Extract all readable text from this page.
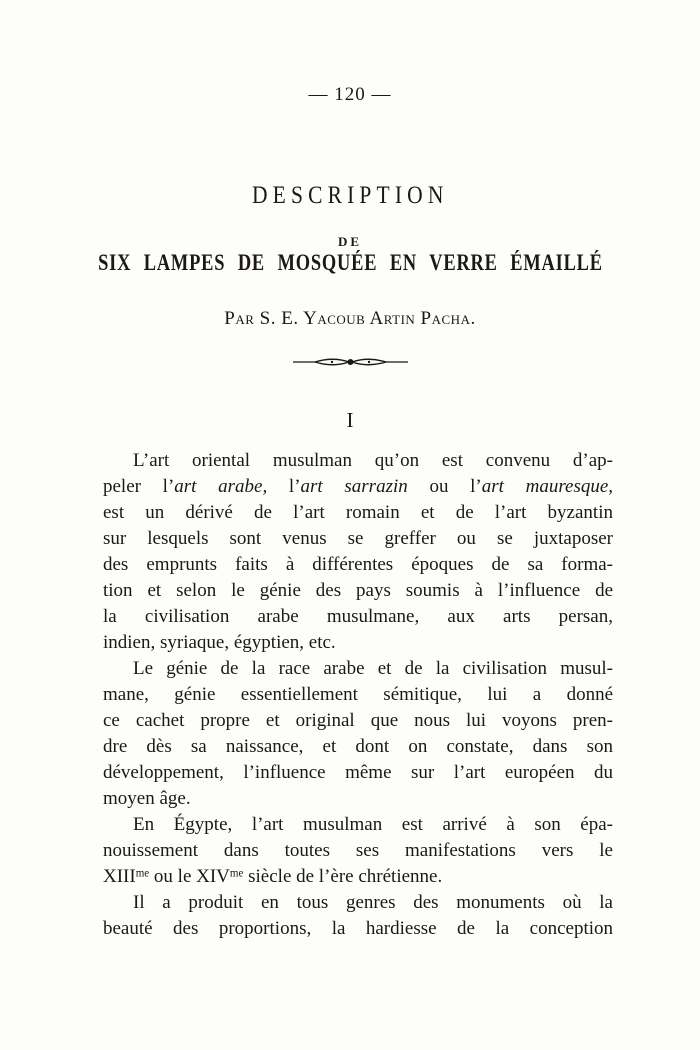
— 120 —
DESCRIPTION
DE
SIX LAMPES DE MOSQUÉE EN VERRE ÉMAILLÉ
Par S. E. Yacoub Artin Pacha.
I
L’art oriental musulman qu’on est convenu d’ap-
peler l’art arabe, l’art sarrazin ou l’art mauresque,
est un dérivé de l’art romain et de l’art byzantin
sur lesquels sont venus se greffer ou se juxtaposer
des emprunts faits à différentes époques de sa forma-
tion et selon le génie des pays soumis à l’influence de
la civilisation arabe musulmane, aux arts persan,
indien, syriaque, égyptien, etc.
Le génie de la race arabe et de la civilisation musul-
mane, génie essentiellement sémitique, lui a donné
ce cachet propre et original que nous lui voyons pren-
dre dès sa naissance, et dont on constate, dans son
développement, l’influence même sur l’art européen du
moyen âge.
En Égypte, l’art musulman est arrivé à son épa-
nouissement dans toutes ses manifestations vers le
$XIII^{me}$ ou le $XIV^{me}$ siècle de l’ère chrétienne.
Il a produit en tous genres des monuments où la
beauté des proportions, la hardiesse de la conception
